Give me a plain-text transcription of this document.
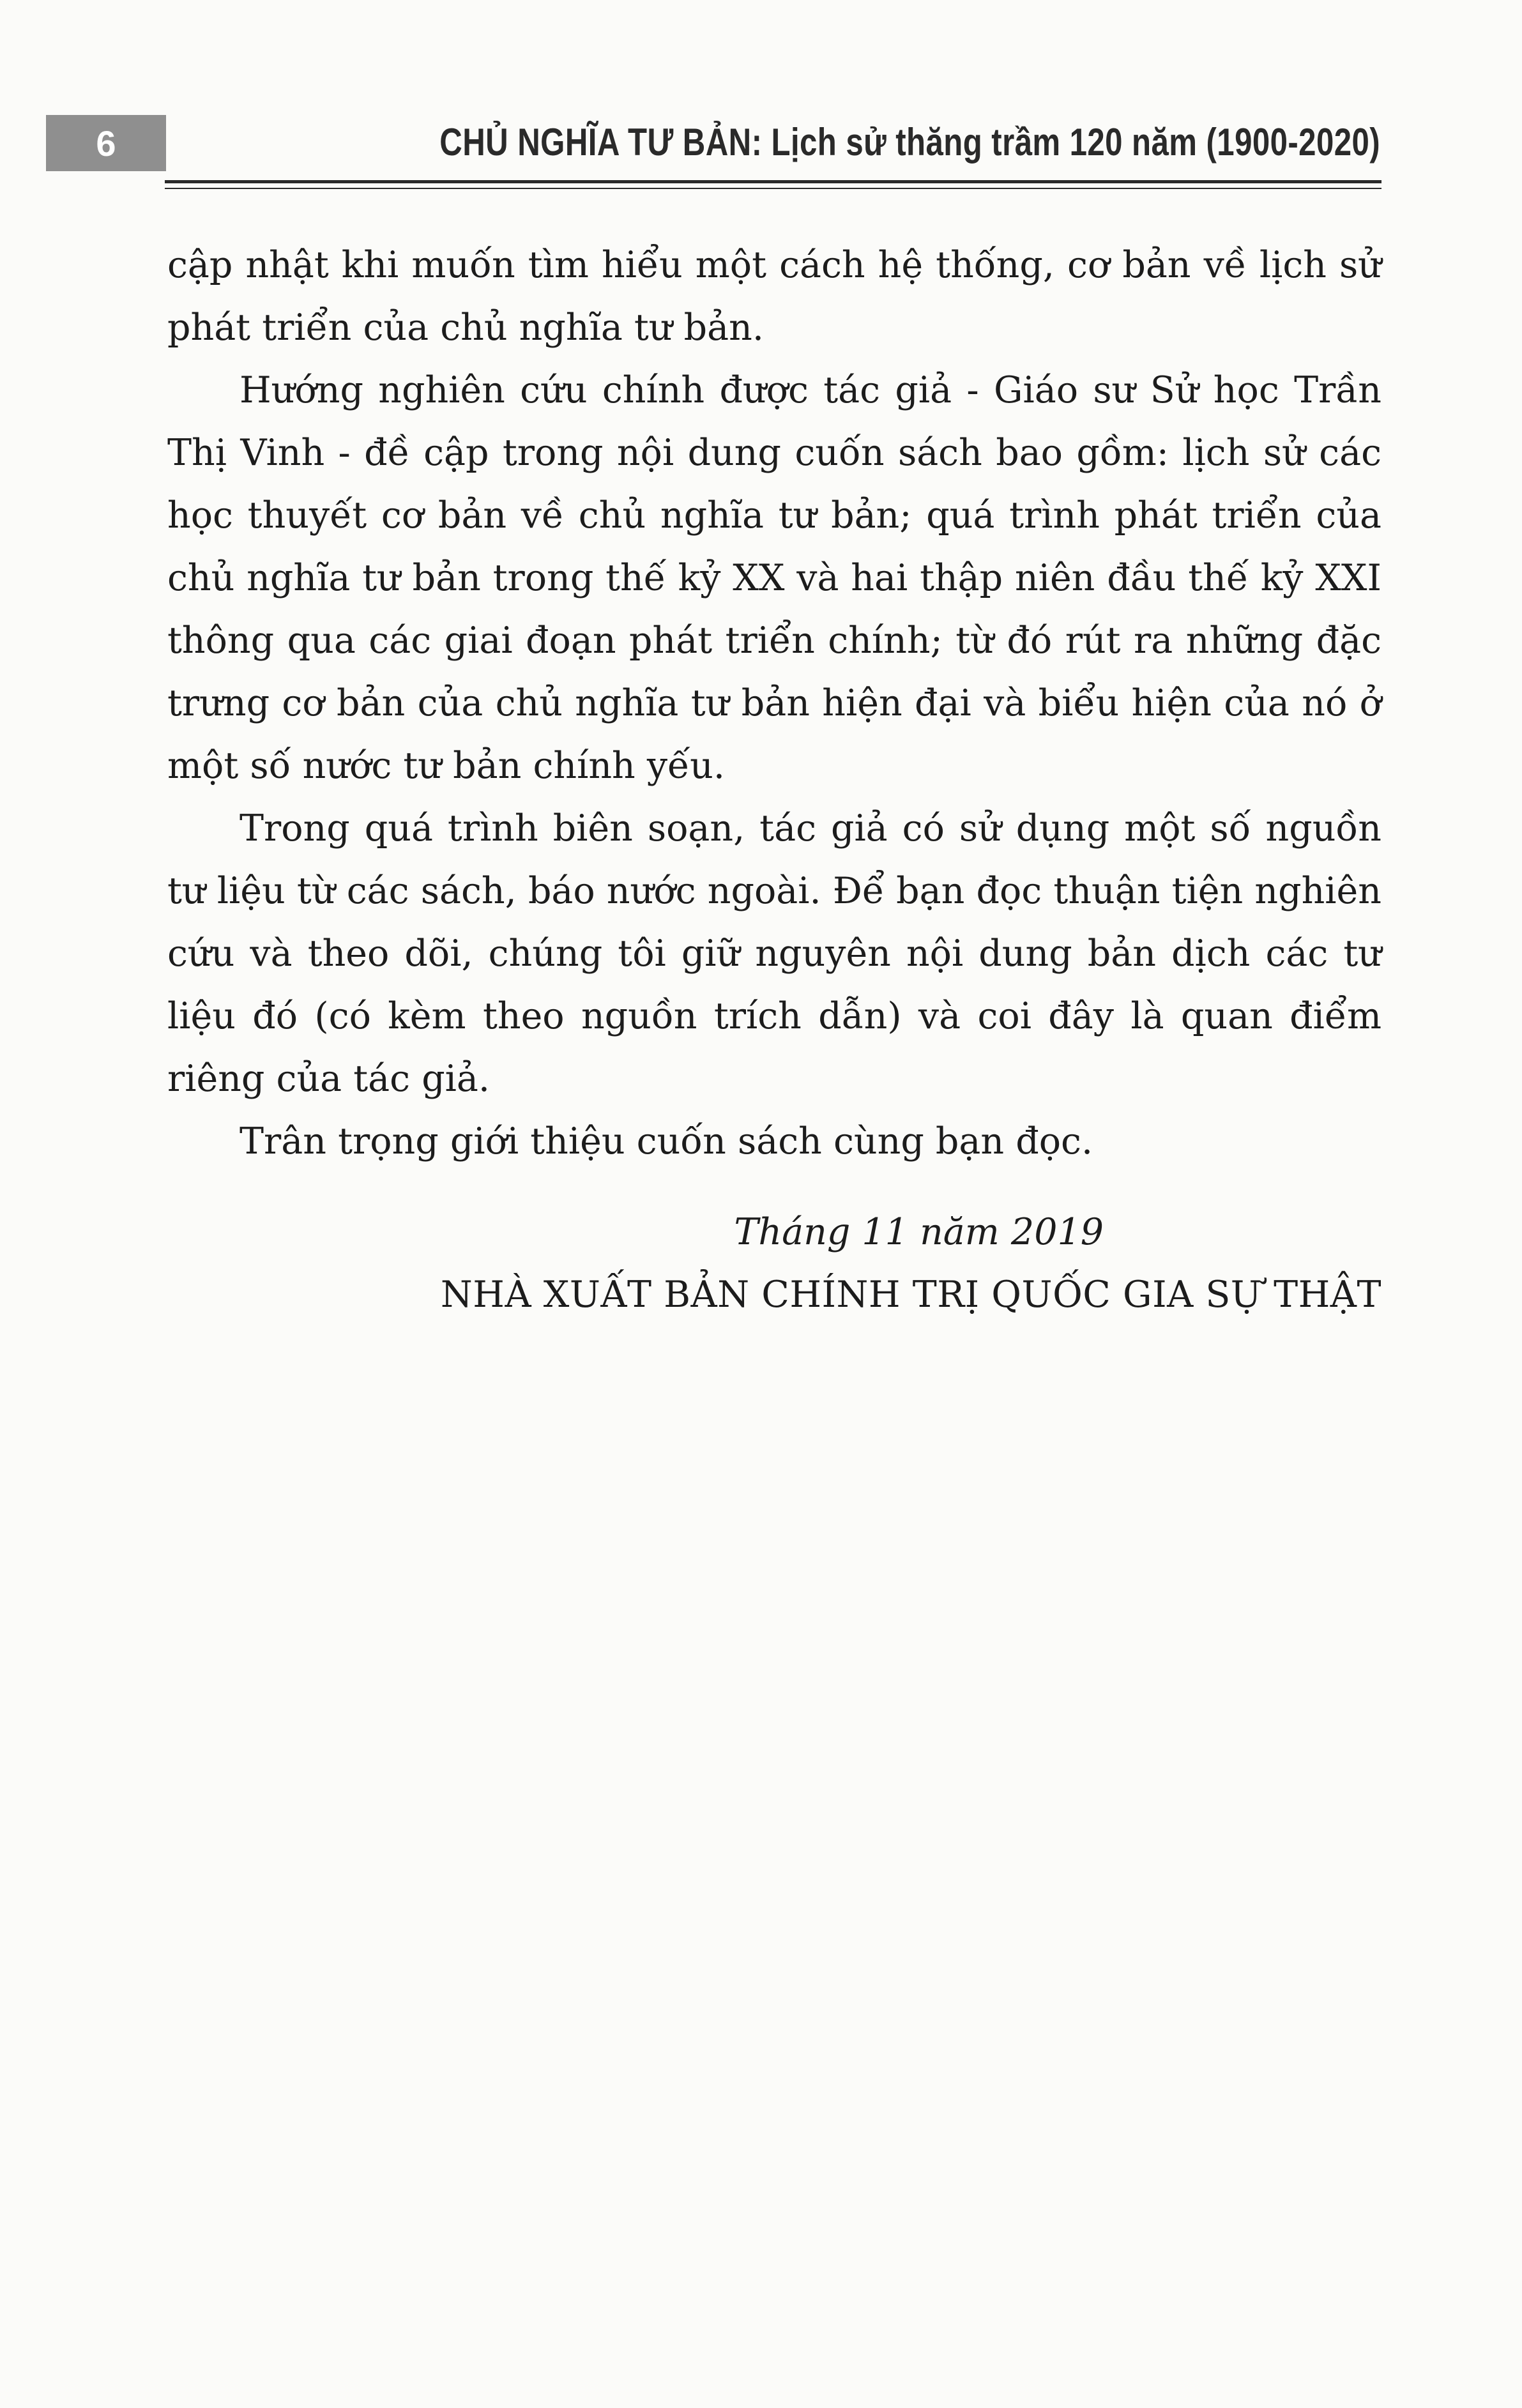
6	CHỦ NGHĨA TƯ BẢN: Lịch sử thăng trầm 120 năm (1900-2020)

cập nhật khi muốn tìm hiểu một cách hệ thống, cơ bản về lịch sử phát triển của chủ nghĩa tư bản.

Hướng nghiên cứu chính được tác giả - Giáo sư Sử học Trần Thị Vinh - đề cập trong nội dung cuốn sách bao gồm: lịch sử các học thuyết cơ bản về chủ nghĩa tư bản; quá trình phát triển của chủ nghĩa tư bản trong thế kỷ XX và hai thập niên đầu thế kỷ XXI thông qua các giai đoạn phát triển chính; từ đó rút ra những đặc trưng cơ bản của chủ nghĩa tư bản hiện đại và biểu hiện của nó ở một số nước tư bản chính yếu.

Trong quá trình biên soạn, tác giả có sử dụng một số nguồn tư liệu từ các sách, báo nước ngoài. Để bạn đọc thuận tiện nghiên cứu và theo dõi, chúng tôi giữ nguyên nội dung bản dịch các tư liệu đó (có kèm theo nguồn trích dẫn) và coi đây là quan điểm riêng của tác giả.

Trân trọng giới thiệu cuốn sách cùng bạn đọc.

Tháng 11 năm 2019
NHÀ XUẤT BẢN CHÍNH TRỊ QUỐC GIA SỰ THẬT
